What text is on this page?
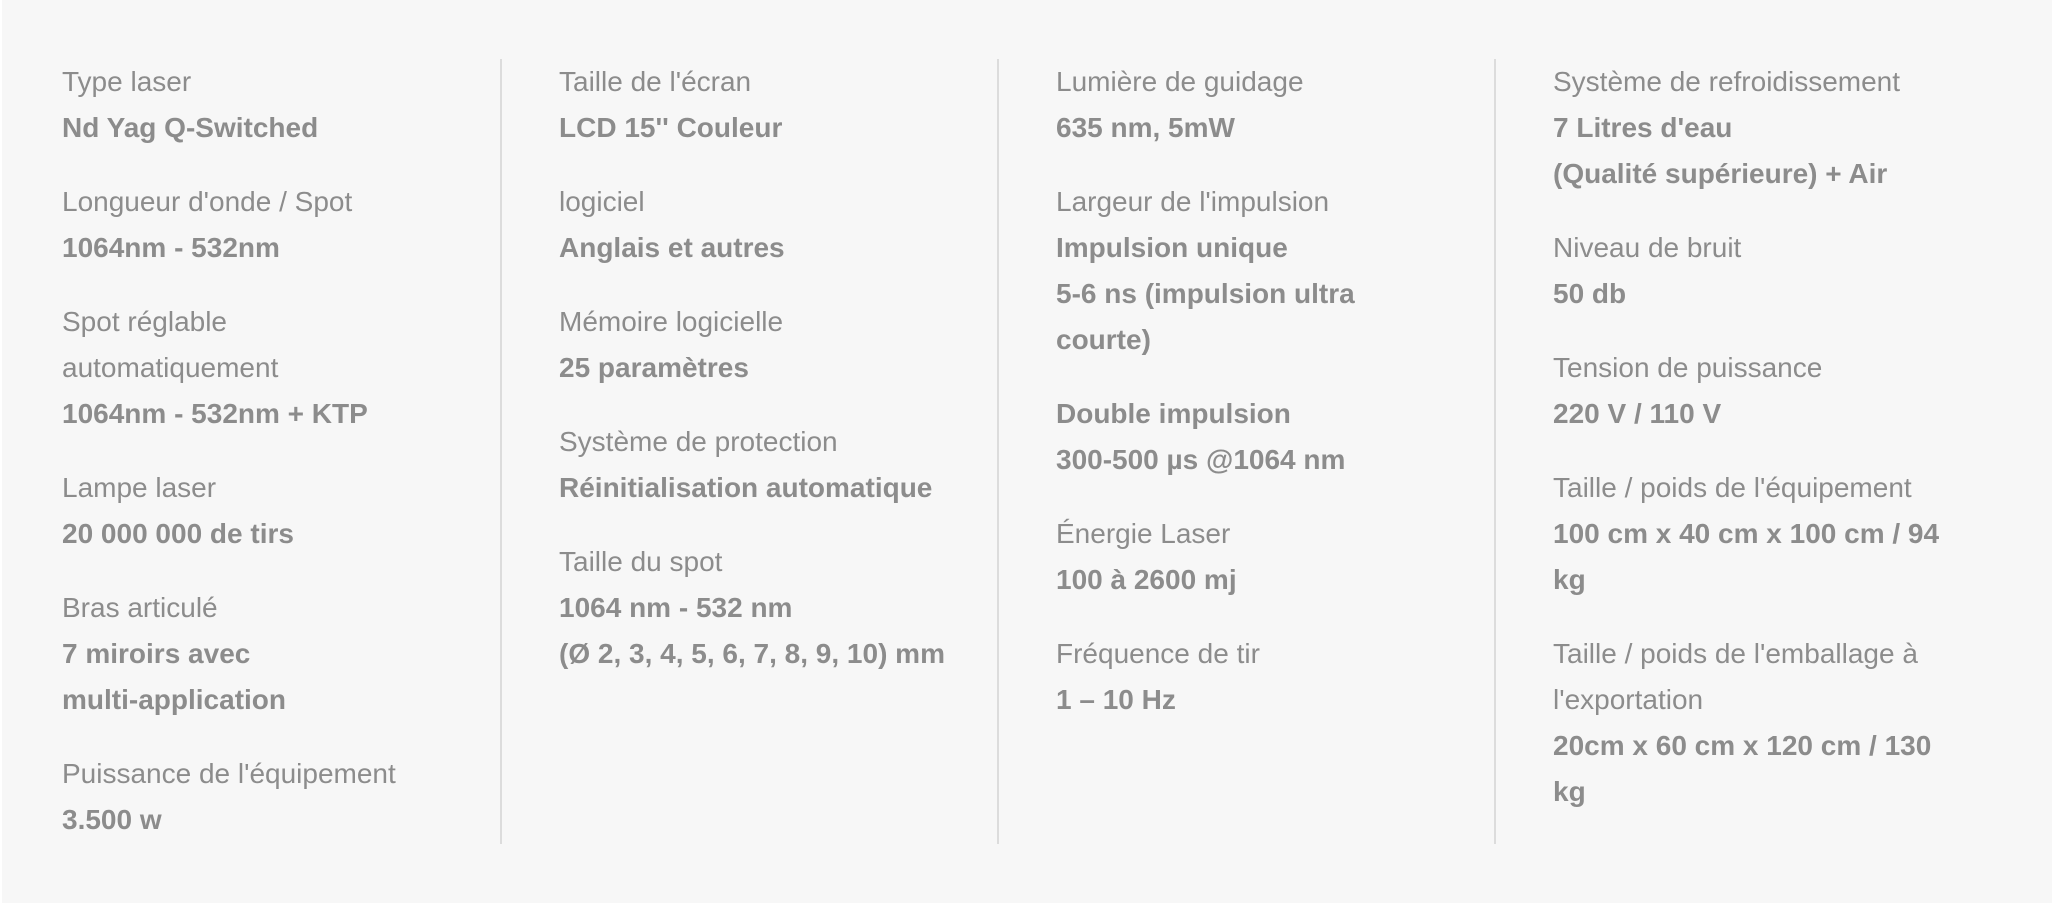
Type laser
Nd Yag Q-Switched
Longueur d'onde / Spot
1064nm - 532nm
Spot réglable
automatiquement
1064nm - 532nm + KTP
Lampe laser
20 000 000 de tirs
Bras articulé
7 miroirs avec
multi-application
Puissance de l'équipement
3.500 w
Taille de l'écran
LCD 15'' Couleur
logiciel
Anglais et autres
Mémoire logicielle
25 paramètres
Système de protection
Réinitialisation automatique
Taille du spot
1064 nm - 532 nm
(Ø 2, 3, 4, 5, 6, 7, 8, 9, 10) mm
Lumière de guidage
635 nm, 5mW
Largeur de l'impulsion
Impulsion unique
5-6 ns (impulsion ultra
courte)
Double impulsion
300-500 µs @1064 nm
Énergie Laser
100 à 2600 mj
Fréquence de tir
1 – 10 Hz
Système de refroidissement
7 Litres d'eau
(Qualité supérieure) + Air
Niveau de bruit
50 db
Tension de puissance
220 V / 110 V
Taille / poids de l'équipement
100 cm x 40 cm x 100 cm / 94
kg
Taille / poids de l'emballage à
l'exportation
20cm x 60 cm x 120 cm / 130
kg
